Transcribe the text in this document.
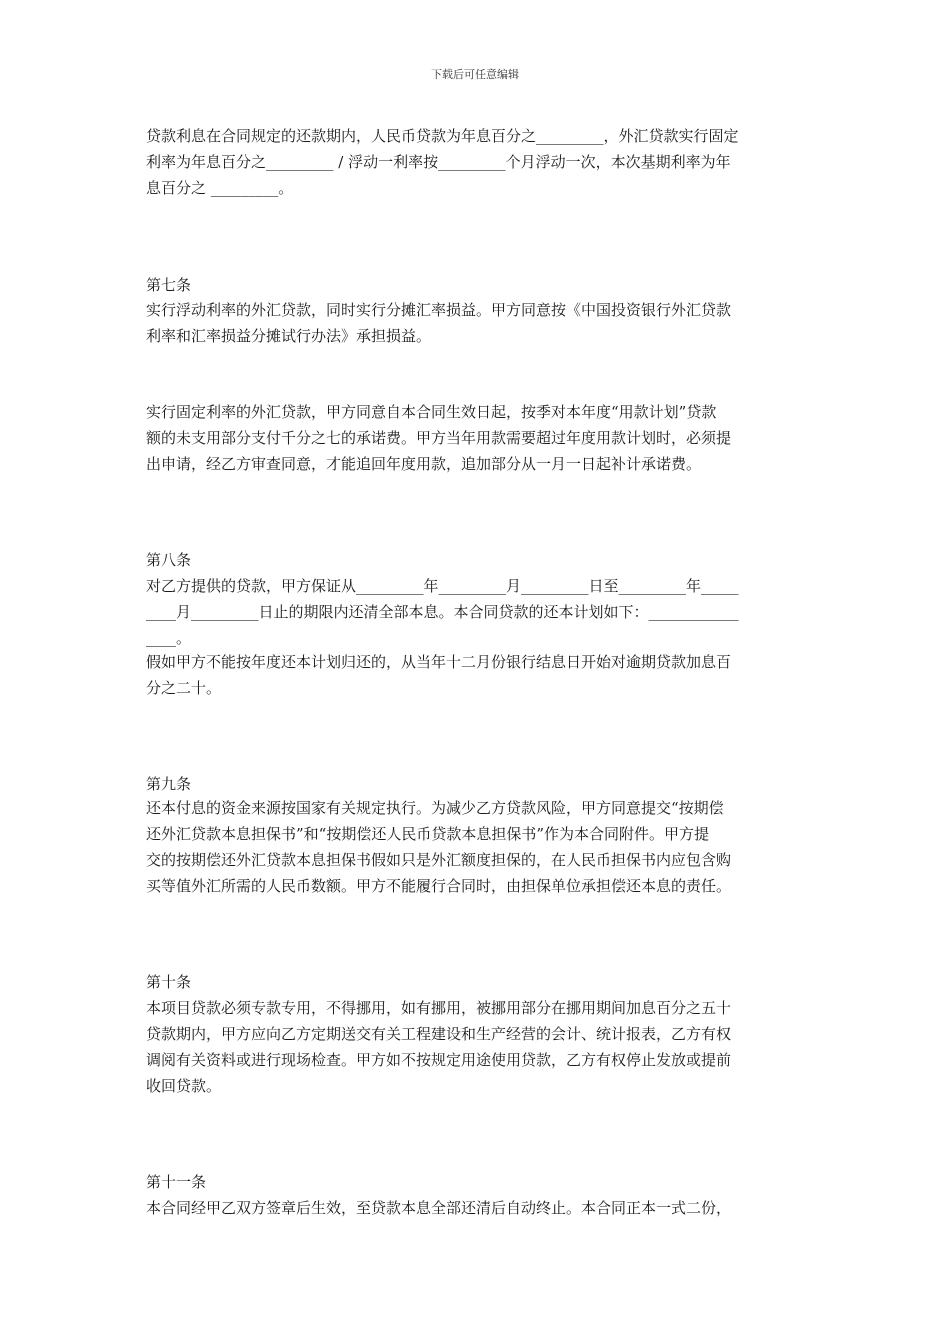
下载后可任意编辑
贷款利息在合同规定的还款期内，人民币贷款为年息百分之_________，外汇贷款实行固定
利率为年息百分之_________ / 浮动一利率按_________个月浮动一次，本次基期利率为年
息百分之 _________。
第七条
实行浮动利率的外汇贷款，同时实行分摊汇率损益。甲方同意按《中国投资银行外汇贷款
利率和汇率损益分摊试行办法》承担损益。
实行固定利率的外汇贷款，甲方同意自本合同生效日起，按季对本年度“用款计划”贷款
额的未支用部分支付千分之七的承诺费。甲方当年用款需要超过年度用款计划时，必须提
出申请，经乙方审查同意，才能追回年度用款，追加部分从一月一日起补计承诺费。
第八条
对乙方提供的贷款，甲方保证从_________年_________月_________日至_________年_____
____月_________日止的期限内还清全部本息。本合同贷款的还本计划如下：____________
____。
假如甲方不能按年度还本计划归还的，从当年十二月份银行结息日开始对逾期贷款加息百
分之二十。
第九条
还本付息的资金来源按国家有关规定执行。为减少乙方贷款风险，甲方同意提交“按期偿
还外汇贷款本息担保书”和“按期偿还人民币贷款本息担保书”作为本合同附件。甲方提
交的按期偿还外汇贷款本息担保书假如只是外汇额度担保的，在人民币担保书内应包含购
买等值外汇所需的人民币数额。甲方不能履行合同时，由担保单位承担偿还本息的责任。
第十条
本项目贷款必须专款专用，不得挪用，如有挪用，被挪用部分在挪用期间加息百分之五十
贷款期内，甲方应向乙方定期送交有关工程建设和生产经营的会计、统计报表，乙方有权
调阅有关资料或进行现场检查。甲方如不按规定用途使用贷款，乙方有权停止发放或提前
收回贷款。
第十一条
本合同经甲乙双方签章后生效，至贷款本息全部还清后自动终止。本合同正本一式二份，
